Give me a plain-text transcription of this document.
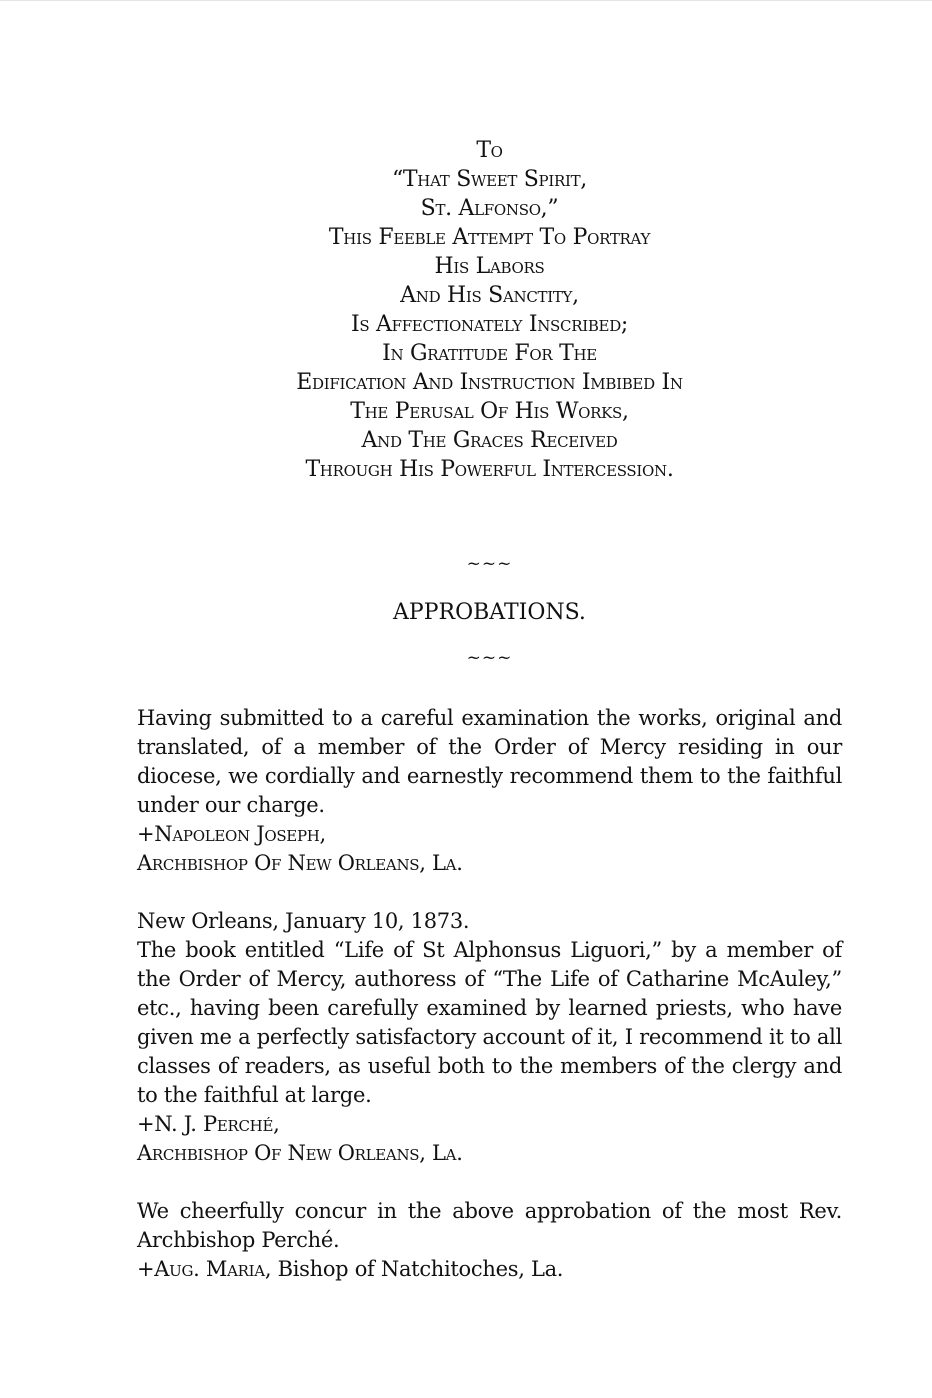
To
“That Sweet Spirit,
St. Alfonso,”
This Feeble Attempt To Portray
His Labors
And His Sanctity,
Is Affectionately Inscribed;
In Gratitude For The
Edification And Instruction Imbibed In
The Perusal Of His Works,
And The Graces Received
Through His Powerful Intercession.
~~~
APPROBATIONS.
~~~

Having submitted to a careful examination the works, original and translated, of a member of the Order of Mercy residing in our diocese, we cordially and earnestly recommend them to the faithful under our charge.

+Napoleon Joseph,
Archbishop Of New Orleans, La.
New Orleans, January 10, 1873.

The book entitled “Life of St Alphonsus Liguori,” by a member of the Order of Mercy, authoress of “The Life of Catharine McAuley,” etc., having been carefully examined by learned priests, who have given me a perfectly satisfactory account of it, I recommend it to all classes of readers, as useful both to the members of the clergy and to the faithful at large.

+N. J. Perché,
Archbishop Of New Orleans, La.

We cheerfully concur in the above approbation of the most Rev. Archbishop Perché.

+Aug. Maria, Bishop of Natchitoches, La.
